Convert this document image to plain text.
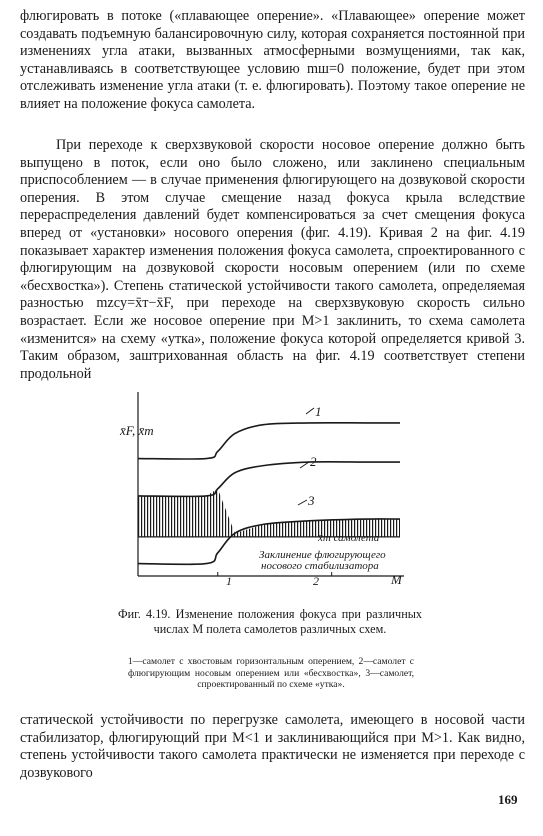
флюгировать в потоке («плавающее оперение». «Плавающее» оперение может создавать подъемную балансировочную силу, которая сохраняется постоянной при изменениях угла атаки, вызванных атмосферными возмущениями, так как, устанавливаясь в соответствующее условию mш=0 положение, будет при этом отслеживать изменение угла атаки (т. е. флюгировать). Поэтому такое оперение не влияет на положение фокуса самолета.

При переходе к сверхзвуковой скорости носовое оперение должно быть выпущено в поток, если оно было сложено, или заклинено специальным приспособлением — в случае применения флюгирующего на дозвуковой скорости оперения. В этом случае смещение назад фокуса крыла вследствие перераспределения давлений будет компенсироваться за счет смещения фокуса вперед от «установки» носового оперения (фиг. 4.19). Кривая 2 на фиг. 4.19 показывает характер изменения положения фокуса самолета, спроектированного с флюгирующим на дозвуковой скорости носовым оперением (или по схеме «бесхвостка»). Степень статической устойчивости такого самолета, определяемая разностью mzcy=x̄т−x̄F, при переходе на сверхзвуковую скорость сильно возрастает. Если же носовое оперение при M>1 заклинить, то схема самолета «изменится» на схему «утка», положение фокуса которой определяется кривой 3. Таким образом, заштрихованная область на фиг. 4.19 соответствует степени продольной

x̄F, x̄т
M
1	2
1
2
3
x̄т самолета
Заклинение флюгирующего
носового стабилизатора
Фиг. 4.19. Изменение положения фокуса при различных числах M полета самолетов различных схем.
1—самолет с хвостовым горизонтальным оперением, 2—самолет с флюгирующим носовым оперением или «бесхвостка», 3—самолет, спроектированный по схеме «утка».

статической устойчивости по перегрузке самолета, имеющего в носовой части стабилизатор, флюгирующий при M<1 и заклинивающийся при M>1. Как видно, степень устойчивости такого самолета практически не изменяется при переходе с дозвукового

169
